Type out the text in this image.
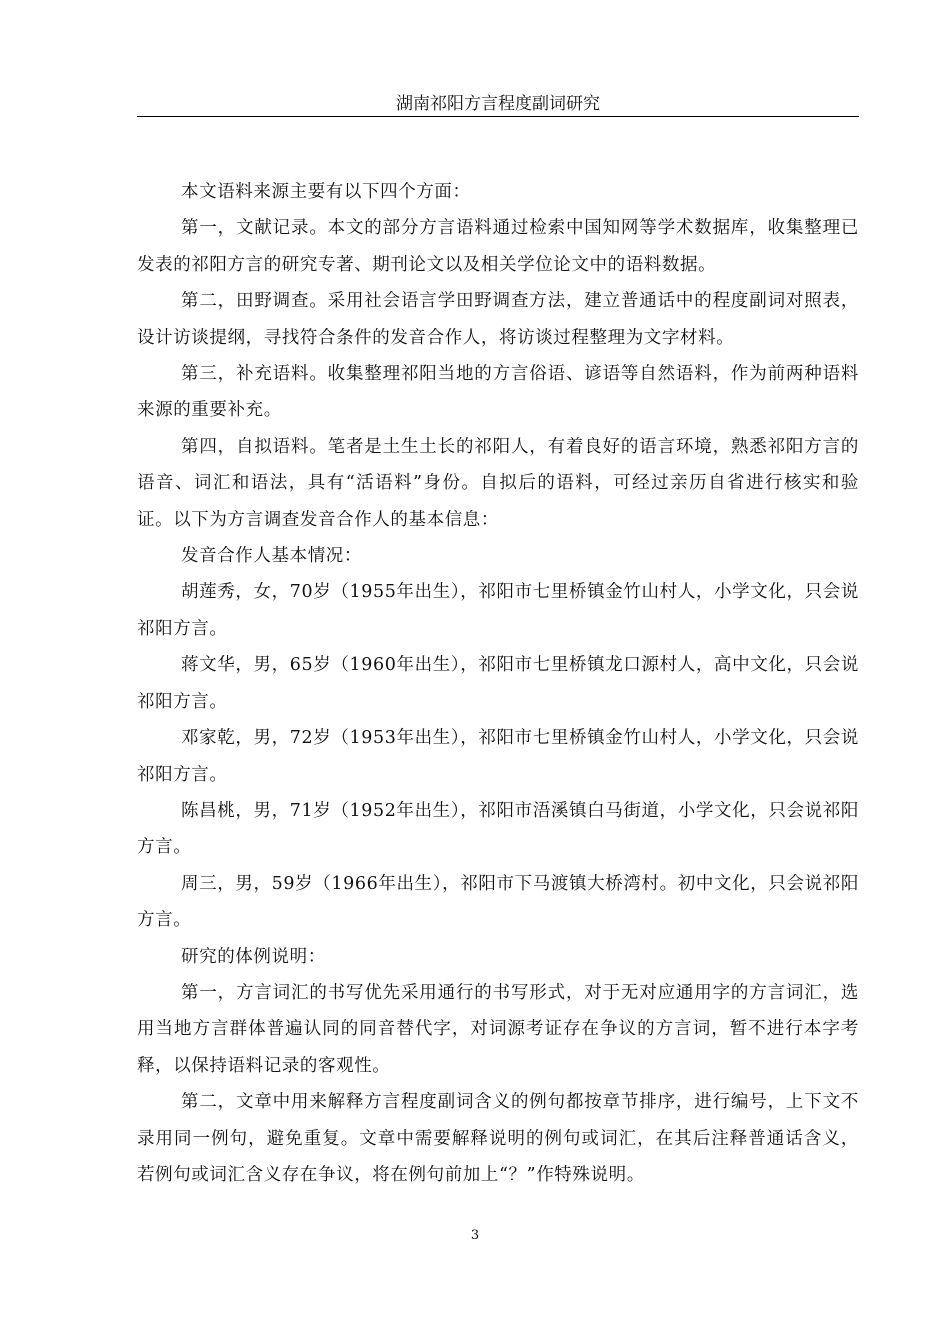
湖南祁阳方言程度副词研究

本文语料来源主要有以下四个方面：

第一，文献记录。本文的部分方言语料通过检索中国知网等学术数据库，收集整理已发表的祁阳方言的研究专著、期刊论文以及相关学位论文中的语料数据。

第二，田野调查。采用社会语言学田野调查方法，建立普通话中的程度副词对照表，设计访谈提纲，寻找符合条件的发音合作人，将访谈过程整理为文字材料。

第三，补充语料。收集整理祁阳当地的方言俗语、谚语等自然语料，作为前两种语料来源的重要补充。

第四，自拟语料。笔者是土生土长的祁阳人，有着良好的语言环境，熟悉祁阳方言的语音、词汇和语法，具有“活语料”身份。自拟后的语料，可经过亲历自省进行核实和验证。以下为方言调查发音合作人的基本信息：

发音合作人基本情况：

胡莲秀，女，70岁（1955年出生），祁阳市七里桥镇金竹山村人，小学文化，只会说祁阳方言。

蒋文华，男，65岁（1960年出生），祁阳市七里桥镇龙口源村人，高中文化，只会说祁阳方言。

邓家乾，男，72岁（1953年出生），祁阳市七里桥镇金竹山村人，小学文化，只会说祁阳方言。

陈昌桃，男，71岁（1952年出生），祁阳市浯溪镇白马街道，小学文化，只会说祁阳方言。

周三，男，59岁（1966年出生），祁阳市下马渡镇大桥湾村。初中文化，只会说祁阳方言。

研究的体例说明：

第一，方言词汇的书写优先采用通行的书写形式，对于无对应通用字的方言词汇，选用当地方言群体普遍认同的同音替代字，对词源考证存在争议的方言词，暂不进行本字考释，以保持语料记录的客观性。

第二，文章中用来解释方言程度副词含义的例句都按章节排序，进行编号，上下文不录用同一例句，避免重复。文章中需要解释说明的例句或词汇，在其后注释普通话含义，若例句或词汇含义存在争议，将在例句前加上“？”作特殊说明。

3
